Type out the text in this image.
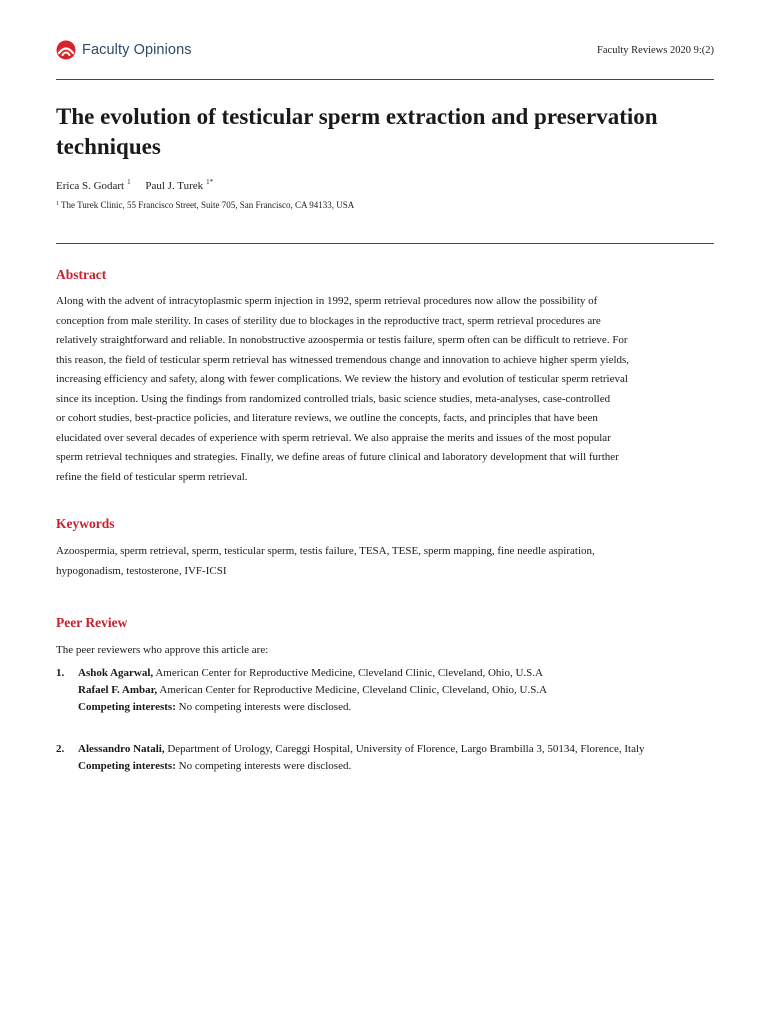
Faculty Opinions	Faculty Reviews 2020 9:(2)
The evolution of testicular sperm extraction and preservation techniques
Erica S. Godart $^1$ Paul J. Turek $^{1*}$
$^1$ The Turek Clinic, 55 Francisco Street, Suite 705, San Francisco, CA 94133, USA
Abstract

Along with the advent of intracytoplasmic sperm injection in 1992, sperm retrieval procedures now allow the possibility of
conception from male sterility. In cases of sterility due to blockages in the reproductive tract, sperm retrieval procedures are
relatively straightforward and reliable. In nonobstructive azoospermia or testis failure, sperm often can be difficult to retrieve. For
this reason, the field of testicular sperm retrieval has witnessed tremendous change and innovation to achieve higher sperm yields,
increasing efficiency and safety, along with fewer complications. We review the history and evolution of testicular sperm retrieval
since its inception. Using the findings from randomized controlled trials, basic science studies, meta-analyses, case-controlled
or cohort studies, best-practice policies, and literature reviews, we outline the concepts, facts, and principles that have been
elucidated over several decades of experience with sperm retrieval. We also appraise the merits and issues of the most popular
sperm retrieval techniques and strategies. Finally, we define areas of future clinical and laboratory development that will further
refine the field of testicular sperm retrieval.

Keywords

Azoospermia, sperm retrieval, sperm, testicular sperm, testis failure, TESA, TESE, sperm mapping, fine needle aspiration,
hypogonadism, testosterone, IVF-ICSI

Peer Review

The peer reviewers who approve this article are:

1. Ashok Agarwal, American Center for Reproductive Medicine, Cleveland Clinic, Cleveland, Ohio, U.S.A
Rafael F. Ambar, American Center for Reproductive Medicine, Cleveland Clinic, Cleveland, Ohio, U.S.A
Competing interests: No competing interests were disclosed.
2. Alessandro Natali, Department of Urology, Careggi Hospital, University of Florence, Largo Brambilla 3, 50134, Florence, Italy
Competing interests: No competing interests were disclosed.
